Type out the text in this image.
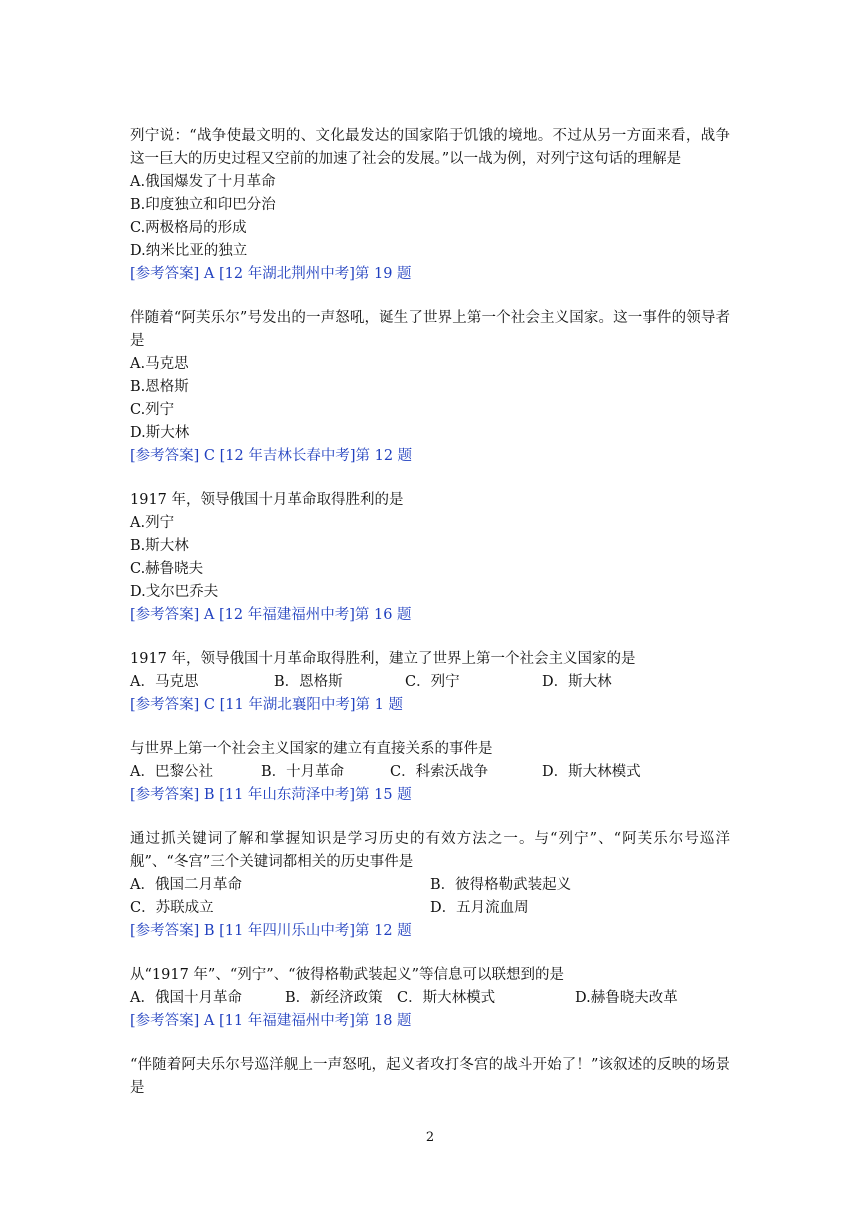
列宁说：“战争使最文明的、文化最发达的国家陷于饥饿的境地。不过从另一方面来看，战争这一巨大的历史过程又空前的加速了社会的发展。”以一战为例，对列宁这句话的理解是
A.俄国爆发了十月革命
B.印度独立和印巴分治
C.两极格局的形成
D.纳米比亚的独立
[参考答案] A [12 年湖北荆州中考]第 19 题
伴随着“阿芙乐尔”号发出的一声怒吼，诞生了世界上第一个社会主义国家。这一事件的领导者是
A.马克思
B.恩格斯
C.列宁
D.斯大林
[参考答案] C [12 年吉林长春中考]第 12 题
1917 年，领导俄国十月革命取得胜利的是
A.列宁
B.斯大林
C.赫鲁晓夫
D.戈尔巴乔夫
[参考答案] A [12 年福建福州中考]第 16 题
1917 年，领导俄国十月革命取得胜利，建立了世界上第一个社会主义国家的是
A．马克思	B．恩格斯	C．列宁	D．斯大林
[参考答案] C [11 年湖北襄阳中考]第 1 题
与世界上第一个社会主义国家的建立有直接关系的事件是
A．巴黎公社	B．十月革命	C．科索沃战争	D．斯大林模式
[参考答案] B [11 年山东菏泽中考]第 15 题
通过抓关键词了解和掌握知识是学习历史的有效方法之一。与“列宁”、“阿芙乐尔号巡洋舰”、“冬宫”三个关键词都相关的历史事件是
A．俄国二月革命	B．彼得格勒武装起义
C．苏联成立	D．五月流血周
[参考答案] B [11 年四川乐山中考]第 12 题
从“1917 年”、“列宁”、“彼得格勒武装起义”等信息可以联想到的是
A．俄国十月革命	B．新经济政策 C．斯大林模式	D.赫鲁晓夫改革
[参考答案] A [11 年福建福州中考]第 18 题
“伴随着阿夫乐尔号巡洋舰上一声怒吼，起义者攻打冬宫的战斗开始了！”该叙述的反映的场景是
2
